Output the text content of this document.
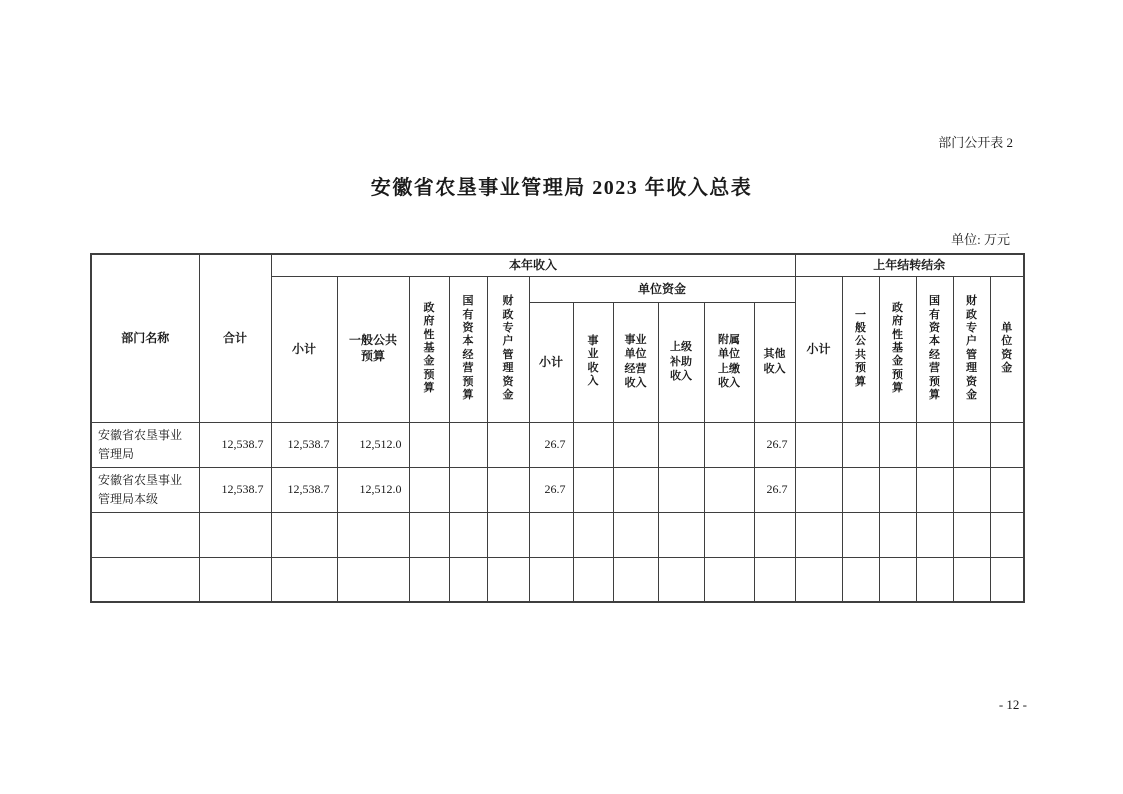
部门公开表 2
安徽省农垦事业管理局 2023 年收入总表
单位: 万元
部门名称	合计	本年收入											上年结转结余					
		小计	一般公共预算	政府性基金预算	国有资本经营预算	财政专户管理资金	单位资金						小计	一般公共预算	政府性基金预算	国有资本经营预算	财政专户管理资金	单位资金
							小计	事业收入	事业单位经营收入	上级补助收入	附属单位上缴收入	其他收入						
安徽省农垦事业管理局	12,538.7	12,538.7	12,512.0				26.7					26.7						
安徽省农垦事业管理局本级	12,538.7	12,538.7	12,512.0				26.7					26.7						

- 12 -
